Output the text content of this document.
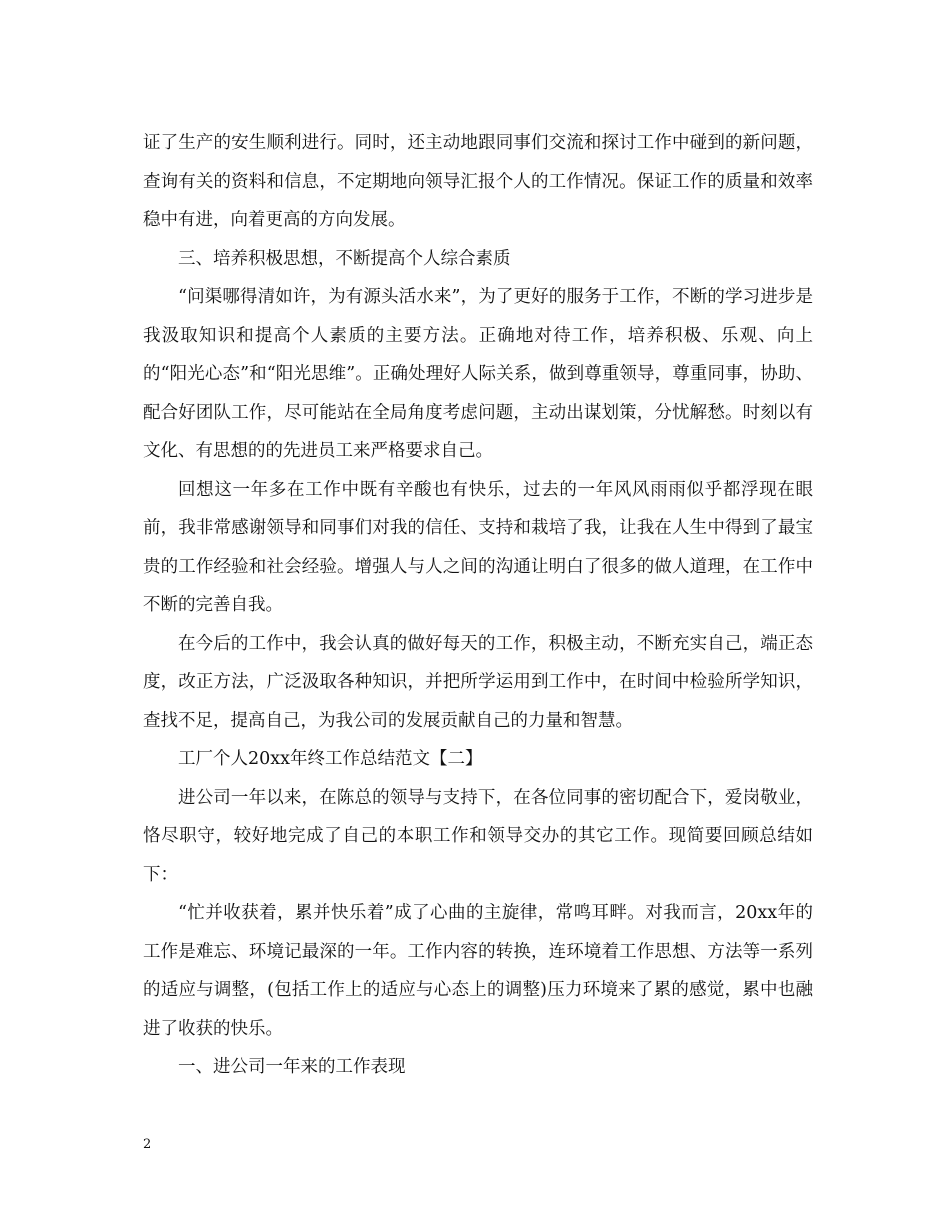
证了生产的安生顺利进行。同时，还主动地跟同事们交流和探讨工作中碰到的新问题，查询有关的资料和信息，不定期地向领导汇报个人的工作情况。保证工作的质量和效率稳中有进，向着更高的方向发展。

三、培养积极思想，不断提高个人综合素质

“问渠哪得清如许，为有源头活水来”，为了更好的服务于工作，不断的学习进步是我汲取知识和提高个人素质的主要方法。正确地对待工作，培养积极、乐观、向上的“阳光心态”和“阳光思维”。正确处理好人际关系，做到尊重领导，尊重同事，协助、配合好团队工作，尽可能站在全局角度考虑问题，主动出谋划策，分忧解愁。时刻以有文化、有思想的的先进员工来严格要求自己。

回想这一年多在工作中既有辛酸也有快乐，过去的一年风风雨雨似乎都浮现在眼前，我非常感谢领导和同事们对我的信任、支持和栽培了我，让我在人生中得到了最宝贵的工作经验和社会经验。增强人与人之间的沟通让明白了很多的做人道理，在工作中不断的完善自我。

在今后的工作中，我会认真的做好每天的工作，积极主动，不断充实自己，端正态度，改正方法，广泛汲取各种知识，并把所学运用到工作中，在时间中检验所学知识，查找不足，提高自己，为我公司的发展贡献自己的力量和智慧。

工厂个人20xx年终工作总结范文【二】

进公司一年以来，在陈总的领导与支持下，在各位同事的密切配合下，爱岗敬业，恪尽职守，较好地完成了自己的本职工作和领导交办的其它工作。现简要回顾总结如下：

“忙并收获着，累并快乐着”成了心曲的主旋律，常鸣耳畔。对我而言，20xx年的工作是难忘、环境记最深的一年。工作内容的转换，连环境着工作思想、方法等一系列的适应与调整，(包括工作上的适应与心态上的调整)压力环境来了累的感觉，累中也融进了收获的快乐。

一、进公司一年来的工作表现

2
